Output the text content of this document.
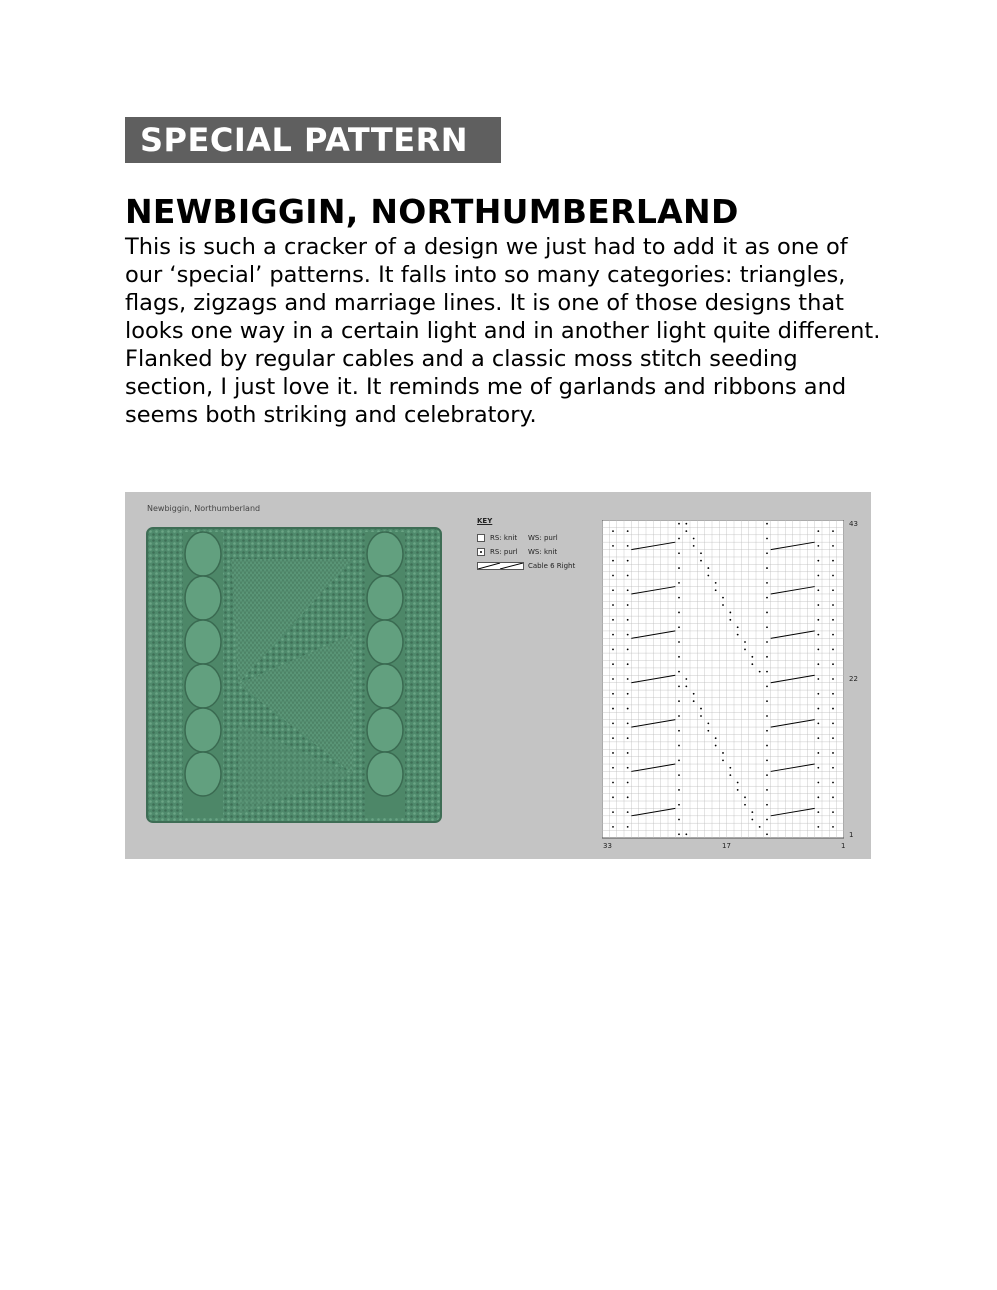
SPECIAL PATTERN
NEWBIGGIN, NORTHUMBERLAND

This is such a cracker of a design we just had to add it as one of our ‘special’ patterns. It falls into so many categories: triangles, flags, zigzags and marriage lines. It is one of those designs that looks one way in a certain light and in another light quite different. Flanked by regular cables and a classic moss stitch seeding section, I just love it. It reminds me of garlands and ribbons and seems both striking and celebratory.

Newbiggin, Northumberland
KEY
RS: knit	WS: purl
RS: purl	WS: knit
Cable 6 Right
43
22
1
33	17	1
